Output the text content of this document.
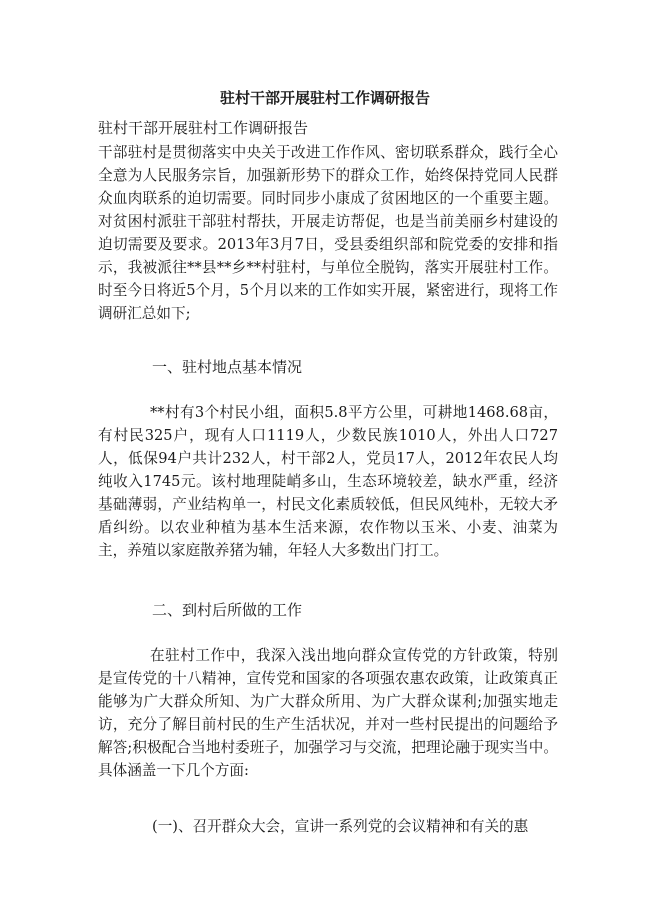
驻村干部开展驻村工作调研报告

驻村干部开展驻村工作调研报告

干部驻村是贯彻落实中央关于改进工作作风、密切联系群众，践行全心全意为人民服务宗旨，加强新形势下的群众工作，始终保持党同人民群众血肉联系的迫切需要。同时同步小康成了贫困地区的一个重要主题。对贫困村派驻干部驻村帮扶，开展走访帮促，也是当前美丽乡村建设的迫切需要及要求。2013年3月7日，受县委组织部和院党委的安排和指示，我被派往**县**乡**村驻村，与单位全脱钩，落实开展驻村工作。时至今日将近5个月，5个月以来的工作如实开展，紧密进行，现将工作调研汇总如下;

一、驻村地点基本情况

**村有3个村民小组，面积5.8平方公里，可耕地1468.68亩，有村民325户，现有人口1119人，少数民族1010人，外出人口727人，低保94户共计232人，村干部2人，党员17人，2012年农民人均纯收入1745元。该村地理陡峭多山，生态环境较差，缺水严重，经济基础薄弱，产业结构单一，村民文化素质较低，但民风纯朴，无较大矛盾纠纷。以农业种植为基本生活来源，农作物以玉米、小麦、油菜为主，养殖以家庭散养猪为辅，年轻人大多数出门打工。

二、到村后所做的工作

在驻村工作中，我深入浅出地向群众宣传党的方针政策，特别是宣传党的十八精神，宣传党和国家的各项强农惠农政策，让政策真正能够为广大群众所知、为广大群众所用、为广大群众谋利;加强实地走访，充分了解目前村民的生产生活状况，并对一些村民提出的问题给予解答;积极配合当地村委班子，加强学习与交流，把理论融于现实当中。具体涵盖一下几个方面:

(一)、召开群众大会，宣讲一系列党的会议精神和有关的惠
